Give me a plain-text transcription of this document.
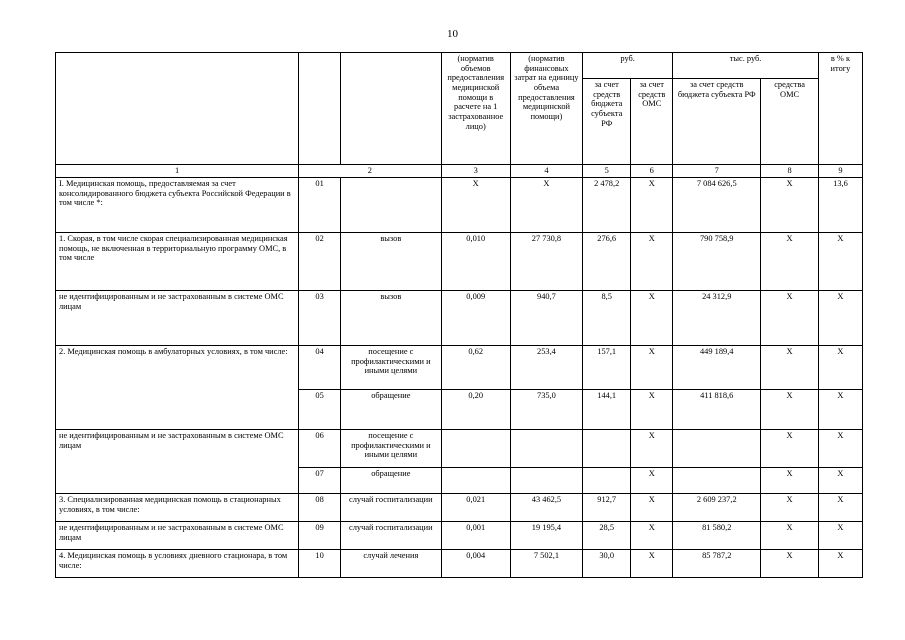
10
			(норматив объемов предоставления медицинской помощи в расчете на 1 застрахованное лицо)	(норматив финансовых затрат на единицу объема предоставления медицинской помощи)	руб.		тыс. руб.		в % к итогу
					за счет средств бюджета субъекта РФ	за счет средств ОМС	за счет средств бюджета субъекта РФ	средства ОМС	
1	2		3	4	5	6	7	8	9
I. Медицинская помощь, предоставляемая за счет консолидированного бюджета субъекта Российской Федерации в том числе *:	01		X	X	2 478,2	X	7 084 626,5	X	13,6
1. Скорая, в том числе скорая специализированная медицинская помощь, не включенная в территориальную программу ОМС, в том числе	02	вызов	0,010	27 730,8	276,6	X	790 758,9	X	X
не идентифицированным и не застрахованным в системе ОМС лицам	03	вызов	0,009	940,7	8,5	X	24 312,9	X	X
2. Медицинская помощь в амбулаторных условиях, в том числе:	04	посещение с профилактическими и иными целями	0,62	253,4	157,1	X	449 189,4	X	X
	05	обращение	0,20	735,0	144,1	X	411 818,6	X	X
не идентифицированным и не застрахованным в системе ОМС лицам	06	посещение с профилактическими и иными целями				X		X	X
	07	обращение				X		X	X
3. Специализированная медицинская помощь в стационарных условиях, в том числе:	08	случай госпитализации	0,021	43 462,5	912,7	X	2 609 237,2	X	X
не идентифицированным и не застрахованным в системе ОМС лицам	09	случай госпитализации	0,001	19 195,4	28,5	X	81 580,2	X	X
4. Медицинская помощь в условиях дневного стационара, в том числе:	10	случай лечения	0,004	7 502,1	30,0	X	85 787,2	X	X
